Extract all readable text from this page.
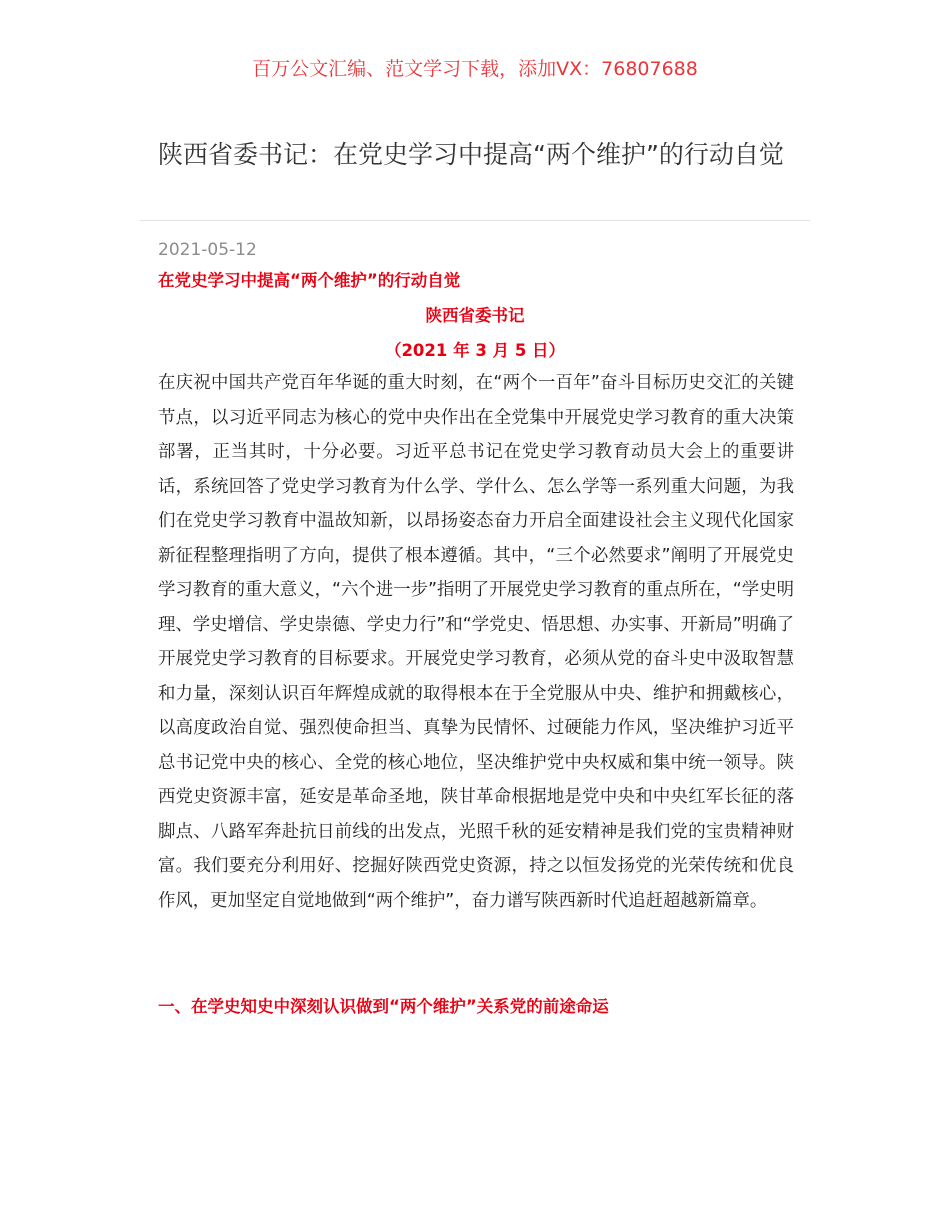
百万公文汇编、范文学习下载，添加VX：76807688
陕西省委书记：在党史学习中提高“两个维护”的行动自觉
2021-05-12
在党史学习中提高“两个维护”的行动自觉
陕西省委书记
（2021 年 3 月 5 日）

在庆祝中国共产党百年华诞的重大时刻，在“两个一百年”奋斗目标历史交汇的关键节点，以习近平同志为核心的党中央作出在全党集中开展党史学习教育的重大决策部署，正当其时，十分必要。习近平总书记在党史学习教育动员大会上的重要讲话，系统回答了党史学习教育为什么学、学什么、怎么学等一系列重大问题，为我们在党史学习教育中温故知新，以昂扬姿态奋力开启全面建设社会主义现代化国家新征程整理指明了方向，提供了根本遵循。其中，“三个必然要求”阐明了开展党史学习教育的重大意义，“六个进一步”指明了开展党史学习教育的重点所在，“学史明理、学史增信、学史崇德、学史力行”和“学党史、悟思想、办实事、开新局”明确了开展党史学习教育的目标要求。开展党史学习教育，必须从党的奋斗史中汲取智慧和力量，深刻认识百年辉煌成就的取得根本在于全党服从中央、维护和拥戴核心，以高度政治自觉、强烈使命担当、真挚为民情怀、过硬能力作风，坚决维护习近平总书记党中央的核心、全党的核心地位，坚决维护党中央权威和集中统一领导。陕西党史资源丰富，延安是革命圣地，陕甘革命根据地是党中央和中央红军长征的落脚点、八路军奔赴抗日前线的出发点，光照千秋的延安精神是我们党的宝贵精神财富。我们要充分利用好、挖掘好陕西党史资源，持之以恒发扬党的光荣传统和优良作风，更加坚定自觉地做到“两个维护”，奋力谱写陕西新时代追赶超越新篇章。

一、在学史知史中深刻认识做到“两个维护”关系党的前途命运
